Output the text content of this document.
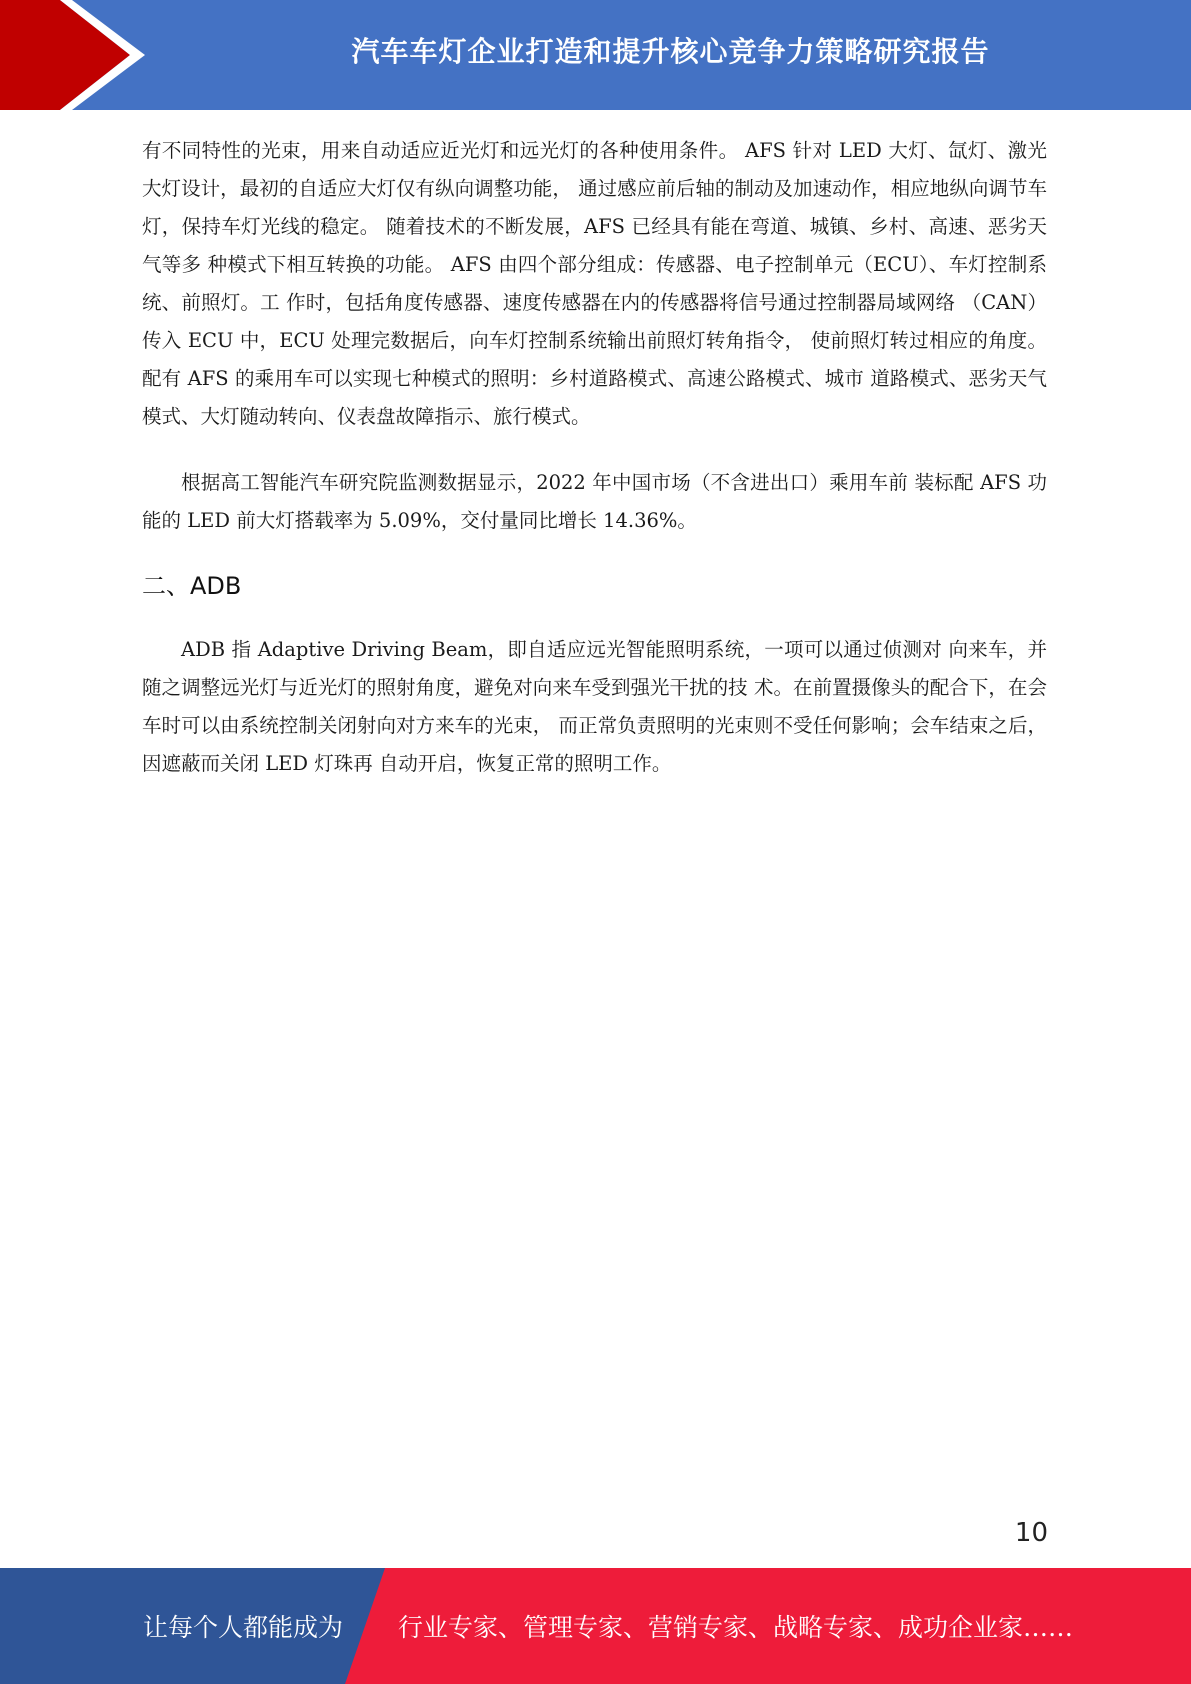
汽车车灯企业打造和提升核心竞争力策略研究报告

有不同特性的光束，用来自动适应近光灯和远光灯的各种使用条件。 AFS 针对 LED 大灯、氙灯、激光大灯设计，最初的自适应大灯仅有纵向调整功能， 通过感应前后轴的制动及加速动作，相应地纵向调节车灯，保持车灯光线的稳定。 随着技术的不断发展，AFS 已经具有能在弯道、城镇、乡村、高速、恶劣天气等多 种模式下相互转换的功能。 AFS 由四个部分组成：传感器、电子控制单元（ECU）、车灯控制系统、前照灯。工 作时，包括角度传感器、速度传感器在内的传感器将信号通过控制器局域网络 （CAN）传入 ECU 中，ECU 处理完数据后，向车灯控制系统输出前照灯转角指令， 使前照灯转过相应的角度。 配有 AFS 的乘用车可以实现七种模式的照明：乡村道路模式、高速公路模式、城市 道路模式、恶劣天气模式、大灯随动转向、仪表盘故障指示、旅行模式。

根据高工智能汽车研究院监测数据显示，2022 年中国市场（不含进出口）乘用车前 装标配 AFS 功能的 LED 前大灯搭载率为 5.09%，交付量同比增长 14.36%。

二、ADB

ADB 指 Adaptive Driving Beam，即自适应远光智能照明系统，一项可以通过侦测对 向来车，并随之调整远光灯与近光灯的照射角度，避免对向来车受到强光干扰的技 术。在前置摄像头的配合下，在会车时可以由系统控制关闭射向对方来车的光束， 而正常负责照明的光束则不受任何影响；会车结束之后，因遮蔽而关闭 LED 灯珠再 自动开启，恢复正常的照明工作。

10
让每个人都能成为 行业专家、管理专家、营销专家、战略专家、成功企业家……
